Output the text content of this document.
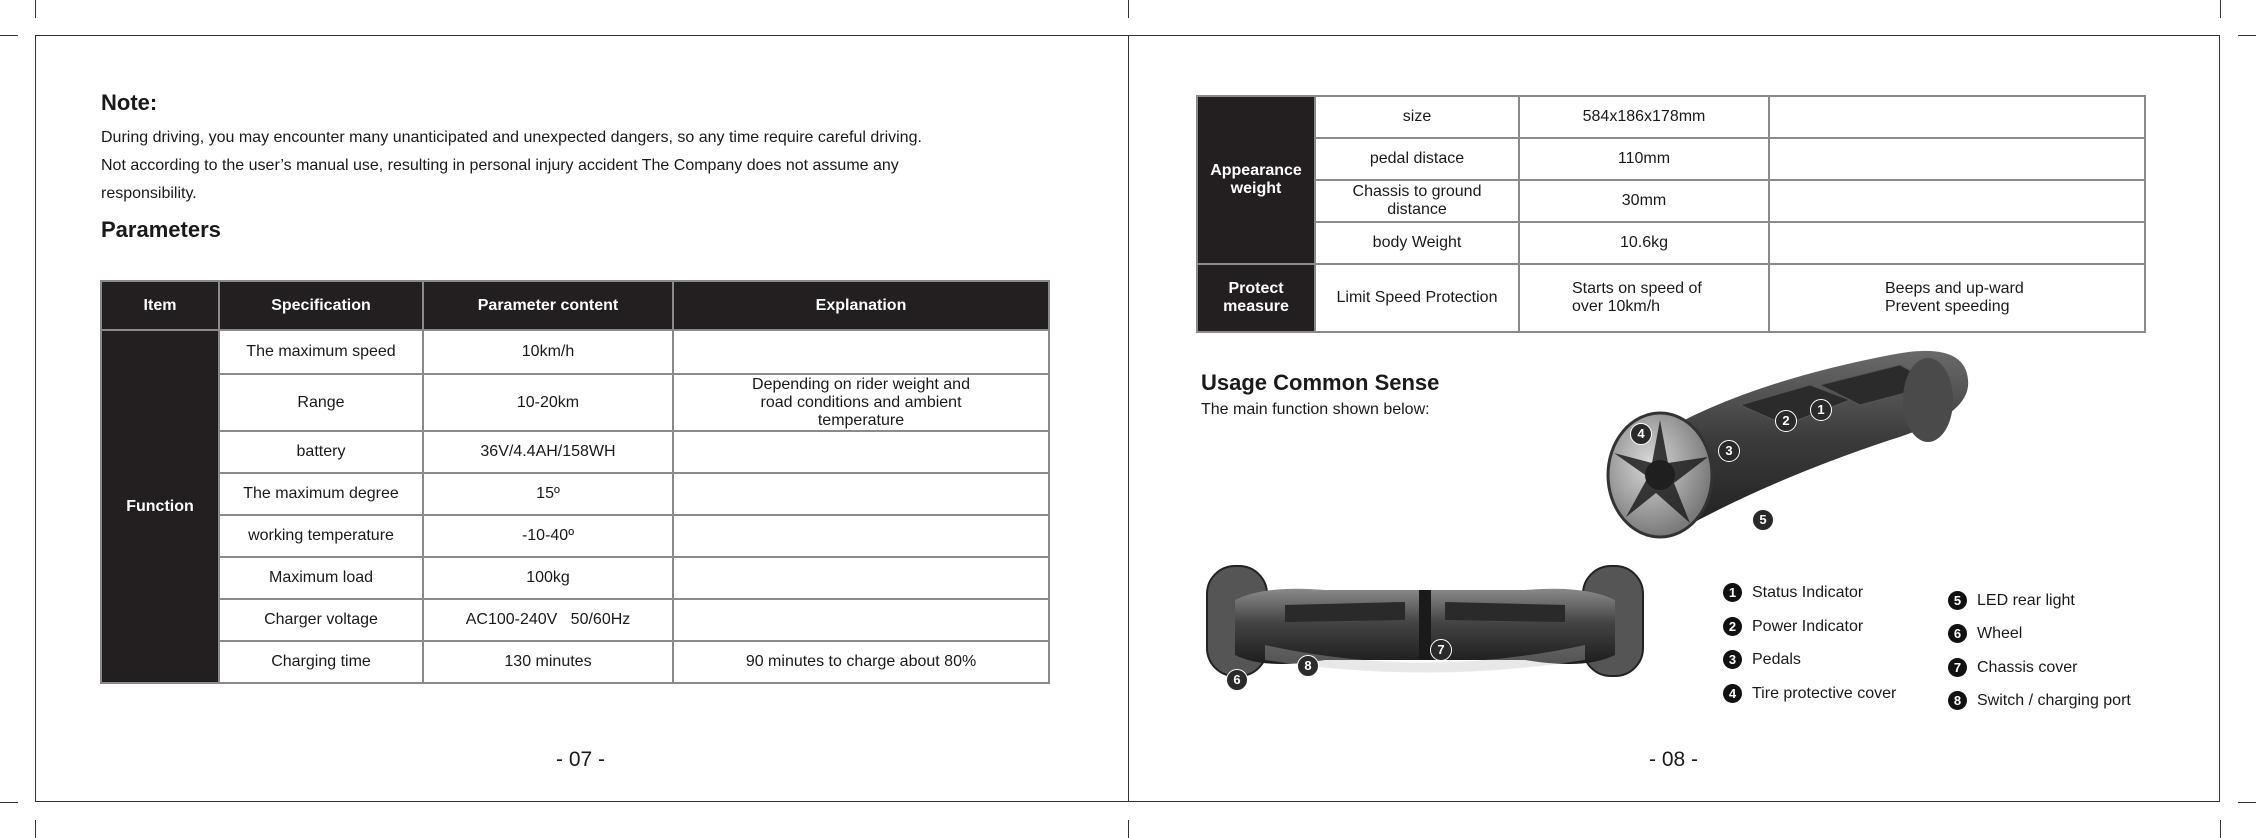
Note:
During driving, you may encounter many unanticipated and unexpected dangers, so any time require careful driving.
Not according to the user’s manual use, resulting in personal injury accident The Company does not assume any
responsibility.
Parameters
Item	Specification	Parameter content	Explanation
Function	The maximum speed	10km/h	
	Range	10-20km	Depending on rider weight and road conditions and ambient temperature
	battery	36V/4.4AH/158WH	
	The maximum degree	15º	
	working temperature	-10-40º	
	Maximum load	100kg	
	Charger voltage	AC100-240V   50/60Hz	
	Charging time	130 minutes	90 minutes to charge about 80%
- 07 -
Appearance weight	size	584x186x178mm	
	pedal distace	110mm	
	Chassis to ground distance	30mm	
	body Weight	10.6kg	
Protect measure	Limit Speed Protection	Starts on speed of over 10km/h	Beeps and up-ward Prevent speeding
Usage Common Sense
The main function shown below:	1
2
3
4
5
6
7
8
1 Status Indicator
2 Power Indicator
3 Pedals
4 Tire protective cover
5 LED rear light
6 Wheel
7 Chassis cover
8 Switch / charging port
- 08 -
